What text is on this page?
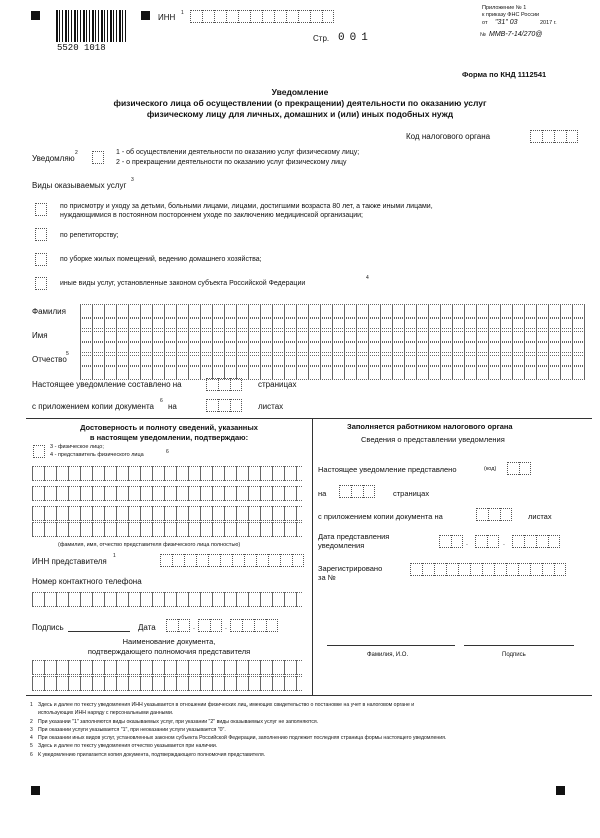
5520 1018
ИНН 1
Стр. 001
Приложение № 1
к приказу ФНС России
от "31" 03	2017 г.
№ ММВ-7-14/270@
Форма по КНД 1112541
Уведомление
физического лица об осуществлении (о прекращении) деятельности по оказанию услуг
физическому лицу для личных, домашних и (или) иных подобных нужд
Код налогового органа
Уведомляю
2	1 - об осуществлении деятельности по оказанию услуг физическому лицу;
2 - о прекращении деятельности по оказанию услуг физическому лицу
Виды оказываемых услуг
3
по присмотру и уходу за детьми, больными лицами, лицами, достигшими возраста 80 лет, а также иными лицами,
нуждающимися в постоянном постороннем уходе по заключению медицинской организации;
по репетиторству;
по уборке жилых помещений, ведению домашнего хозяйства;
иные виды услуг, установленные законом субъекта Российской Федерации
4
Фамилия
Имя
Отчество
5
Настоящее уведомление составлено на	страницах
с приложением копии документа
6
на	листах
Достоверность и полноту сведений, указанных
в настоящем уведомлении, подтверждаю:
3 - физическое лицо;
4 - представитель физического лица	6
(фамилия, имя, отчество представителя физического лица полностью)
ИНН представителя
1
Номер контактного телефона
Подпись	Дата	.	.
Наименование документа,
подтверждающего полномочия представителя
Заполняется работником налогового органа
Сведения о представлении уведомления
Настоящее уведомление представлено	(код)
на	страницах
с приложением копии документа на	листах
Дата представления
уведомления	.	.
Зарегистрировано
за №
Фамилия, И.О.	Подпись
1 Здесь и далее по тексту уведомления ИНН указывается в отношении физических лиц, имеющих свидетельство о постановке на учет в налоговом органе и
использующих ИНН наряду с персональными данными.
2 При указании "1" заполняются виды оказываемых услуг, при указании "2" виды оказываемых услуг не заполняются.
3 При оказании услуги указывается "1", при неоказании услуги указывается "0".
4 При оказании иных видов услуг, установленных законом субъекта Российской Федерации, заполнению подлежит последняя страница формы настоящего уведомления.
5 Здесь и далее по тексту уведомления отчество указывается при наличии.
6 К уведомлению прилагается копия документа, подтверждающего полномочия представителя.
